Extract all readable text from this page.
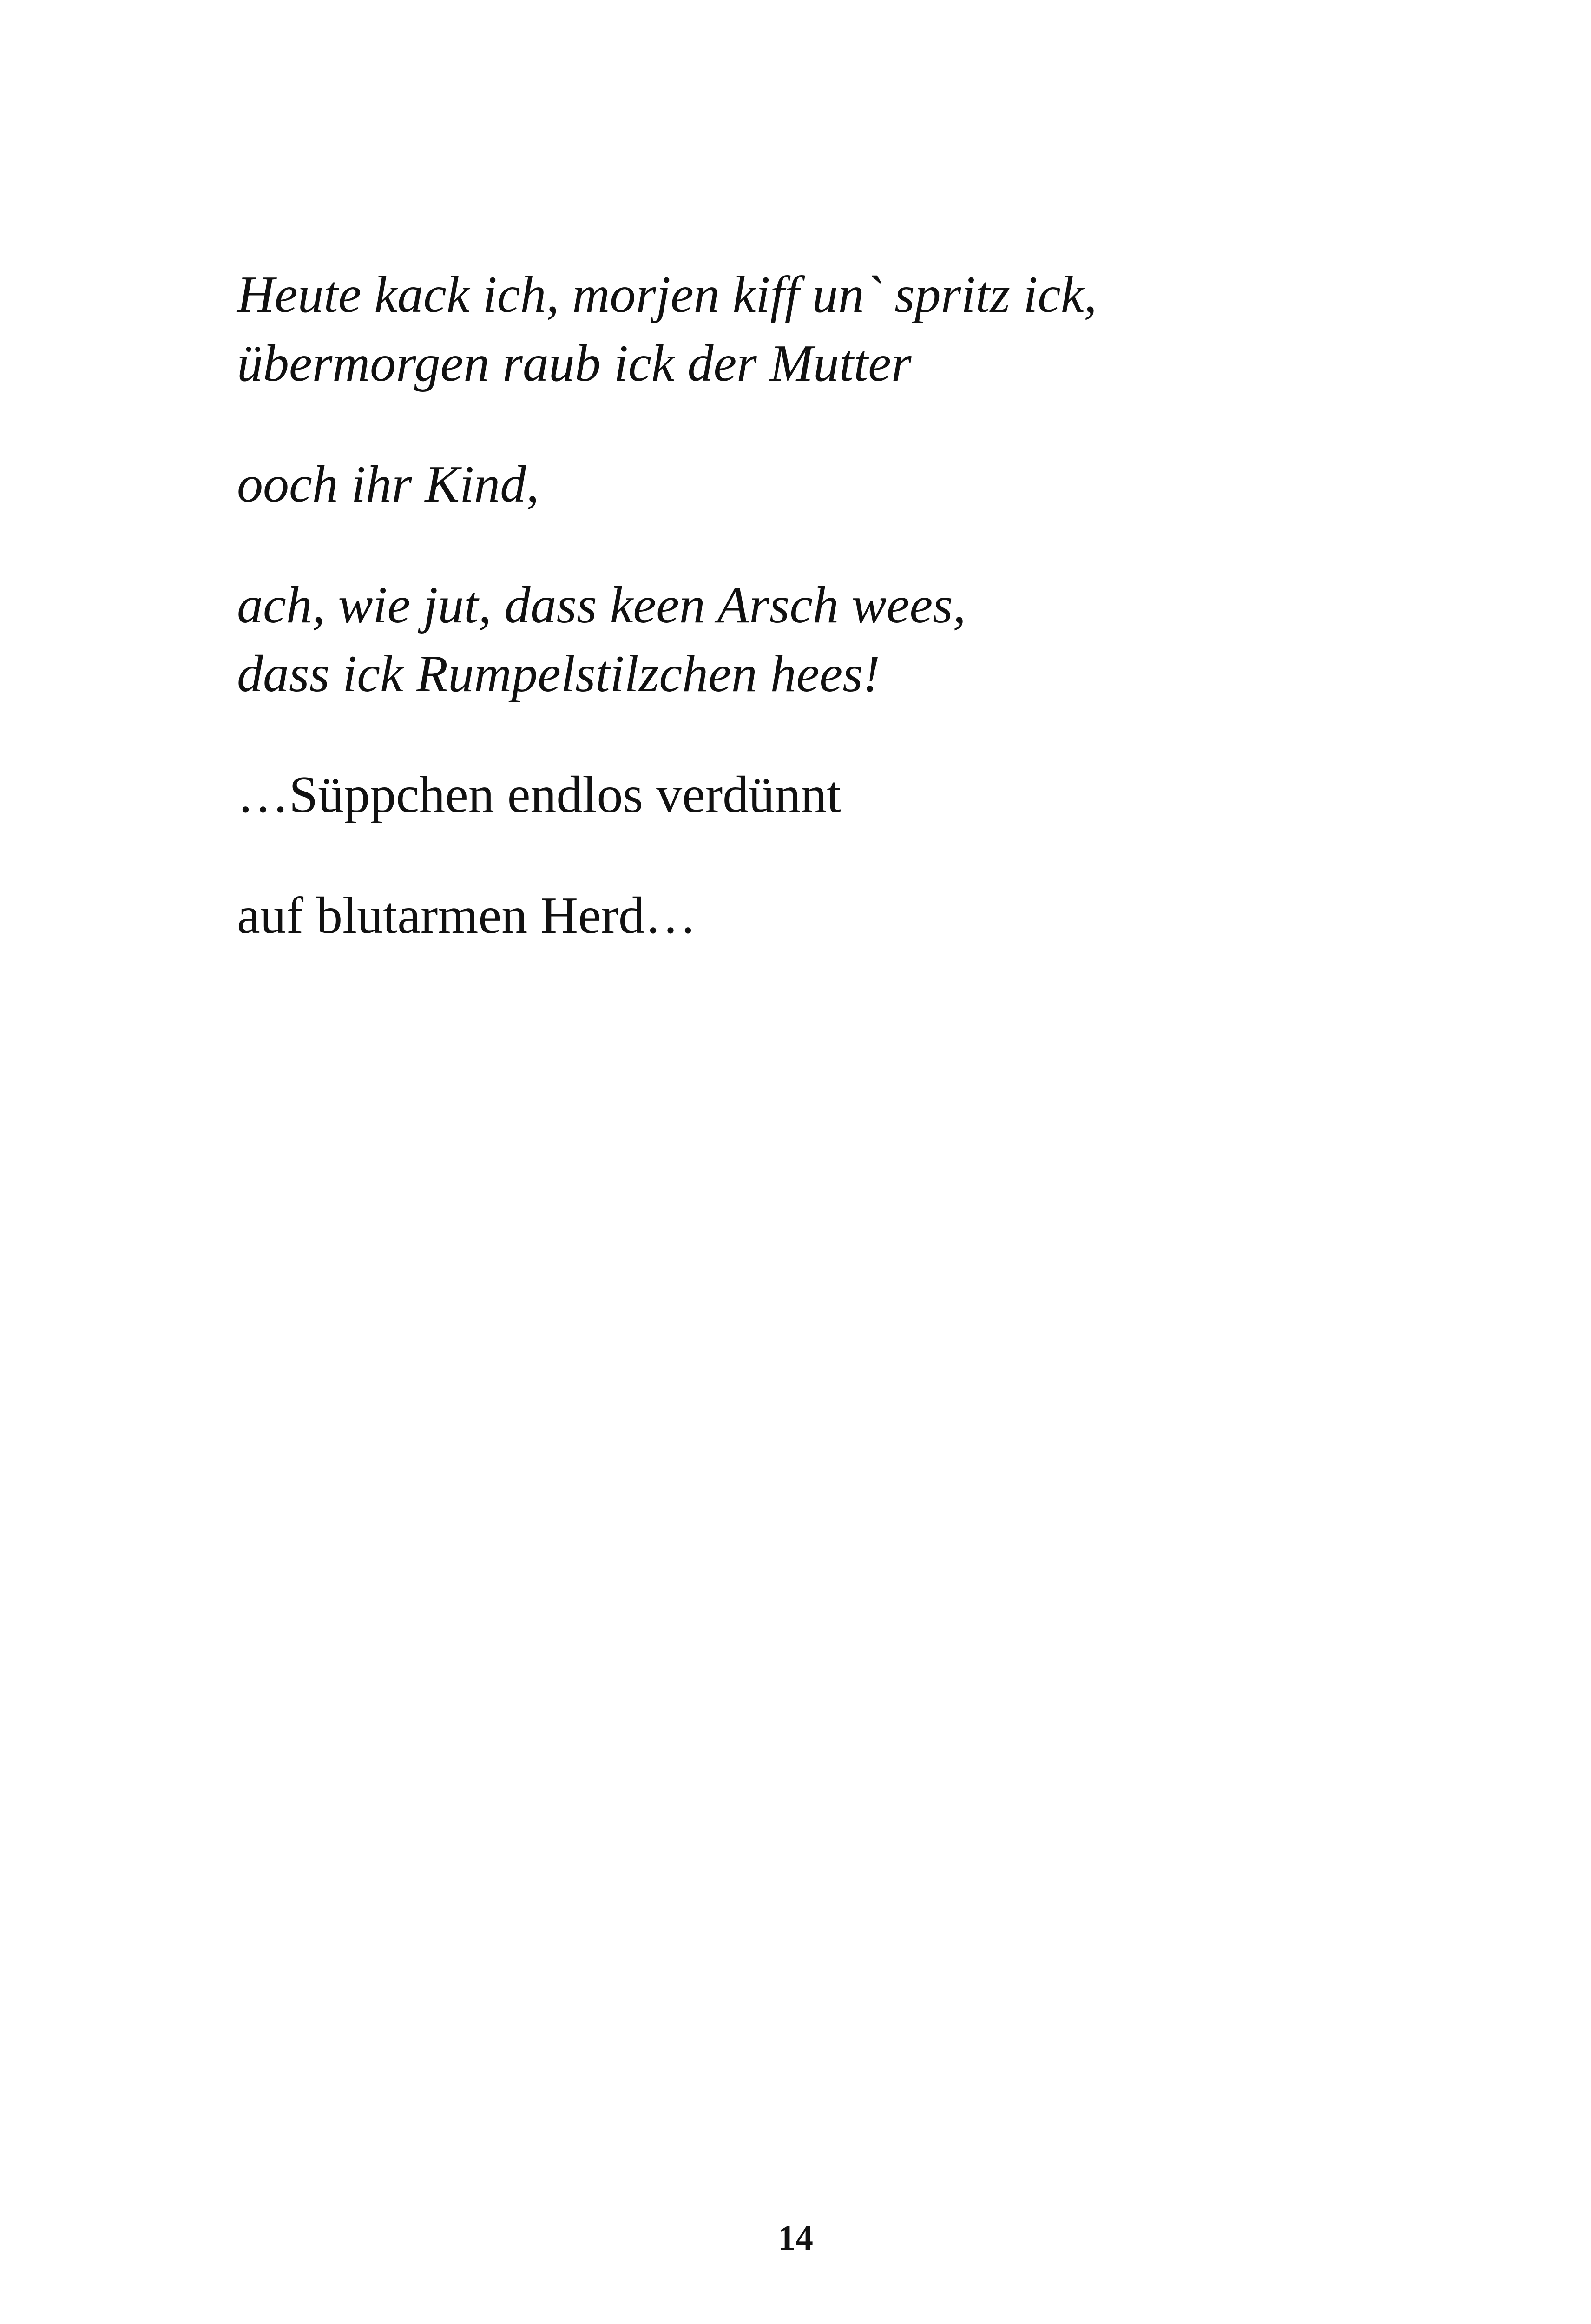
Heute kack ich, morjen kiff un` spritz ick,
übermorgen raub ick der Mutter
ooch ihr Kind,
ach, wie jut, dass keen Arsch wees,
dass ick Rumpelstilzchen hees!
…Süppchen endlos verdünnt
auf blutarmen Herd…
14
